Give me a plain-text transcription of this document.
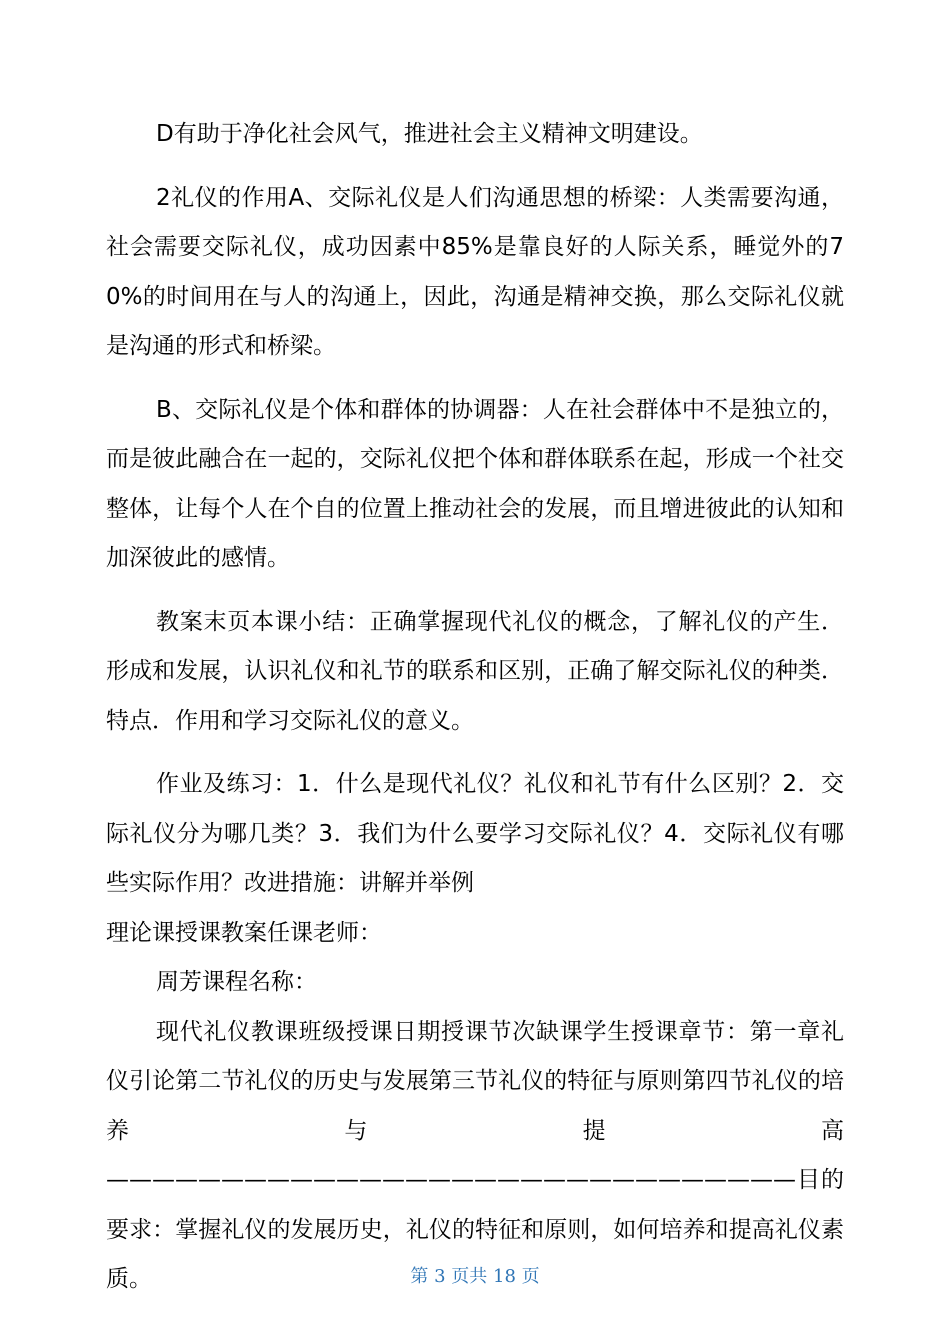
D有助于净化社会风气，推进社会主义精神文明建设。

2礼仪的作用A、交际礼仪是人们沟通思想的桥梁：人类需要沟通，社会需要交际礼仪，成功因素中85%是靠良好的人际关系，睡觉外的70%的时间用在与人的沟通上，因此，沟通是精神交换，那么交际礼仪就是沟通的形式和桥梁。

B、交际礼仪是个体和群体的协调器：人在社会群体中不是独立的，而是彼此融合在一起的，交际礼仪把个体和群体联系在起，形成一个社交整体，让每个人在个自的位置上推动社会的发展，而且增进彼此的认知和加深彼此的感情。

教案末页本课小结：正确掌握现代礼仪的概念，了解礼仪的产生．形成和发展，认识礼仪和礼节的联系和区别，正确了解交际礼仪的种类．特点．作用和学习交际礼仪的意义。

作业及练习：1．什么是现代礼仪？礼仪和礼节有什么区别？2．交际礼仪分为哪几类？3．我们为什么要学习交际礼仪？4．交际礼仪有哪些实际作用？改进措施：讲解并举例

理论课授课教案任课老师：

周芳课程名称：

现代礼仪教课班级授课日期授课节次缺课学生授课章节：第一章礼仪引论第二节礼仪的历史与发展第三节礼仪的特征与原则第四节礼仪的培养与提高——————————————————————————————目的要求：掌握礼仪的发展历史，礼仪的特征和原则，如何培养和提高礼仪素质。	第 3 页共 18 页
